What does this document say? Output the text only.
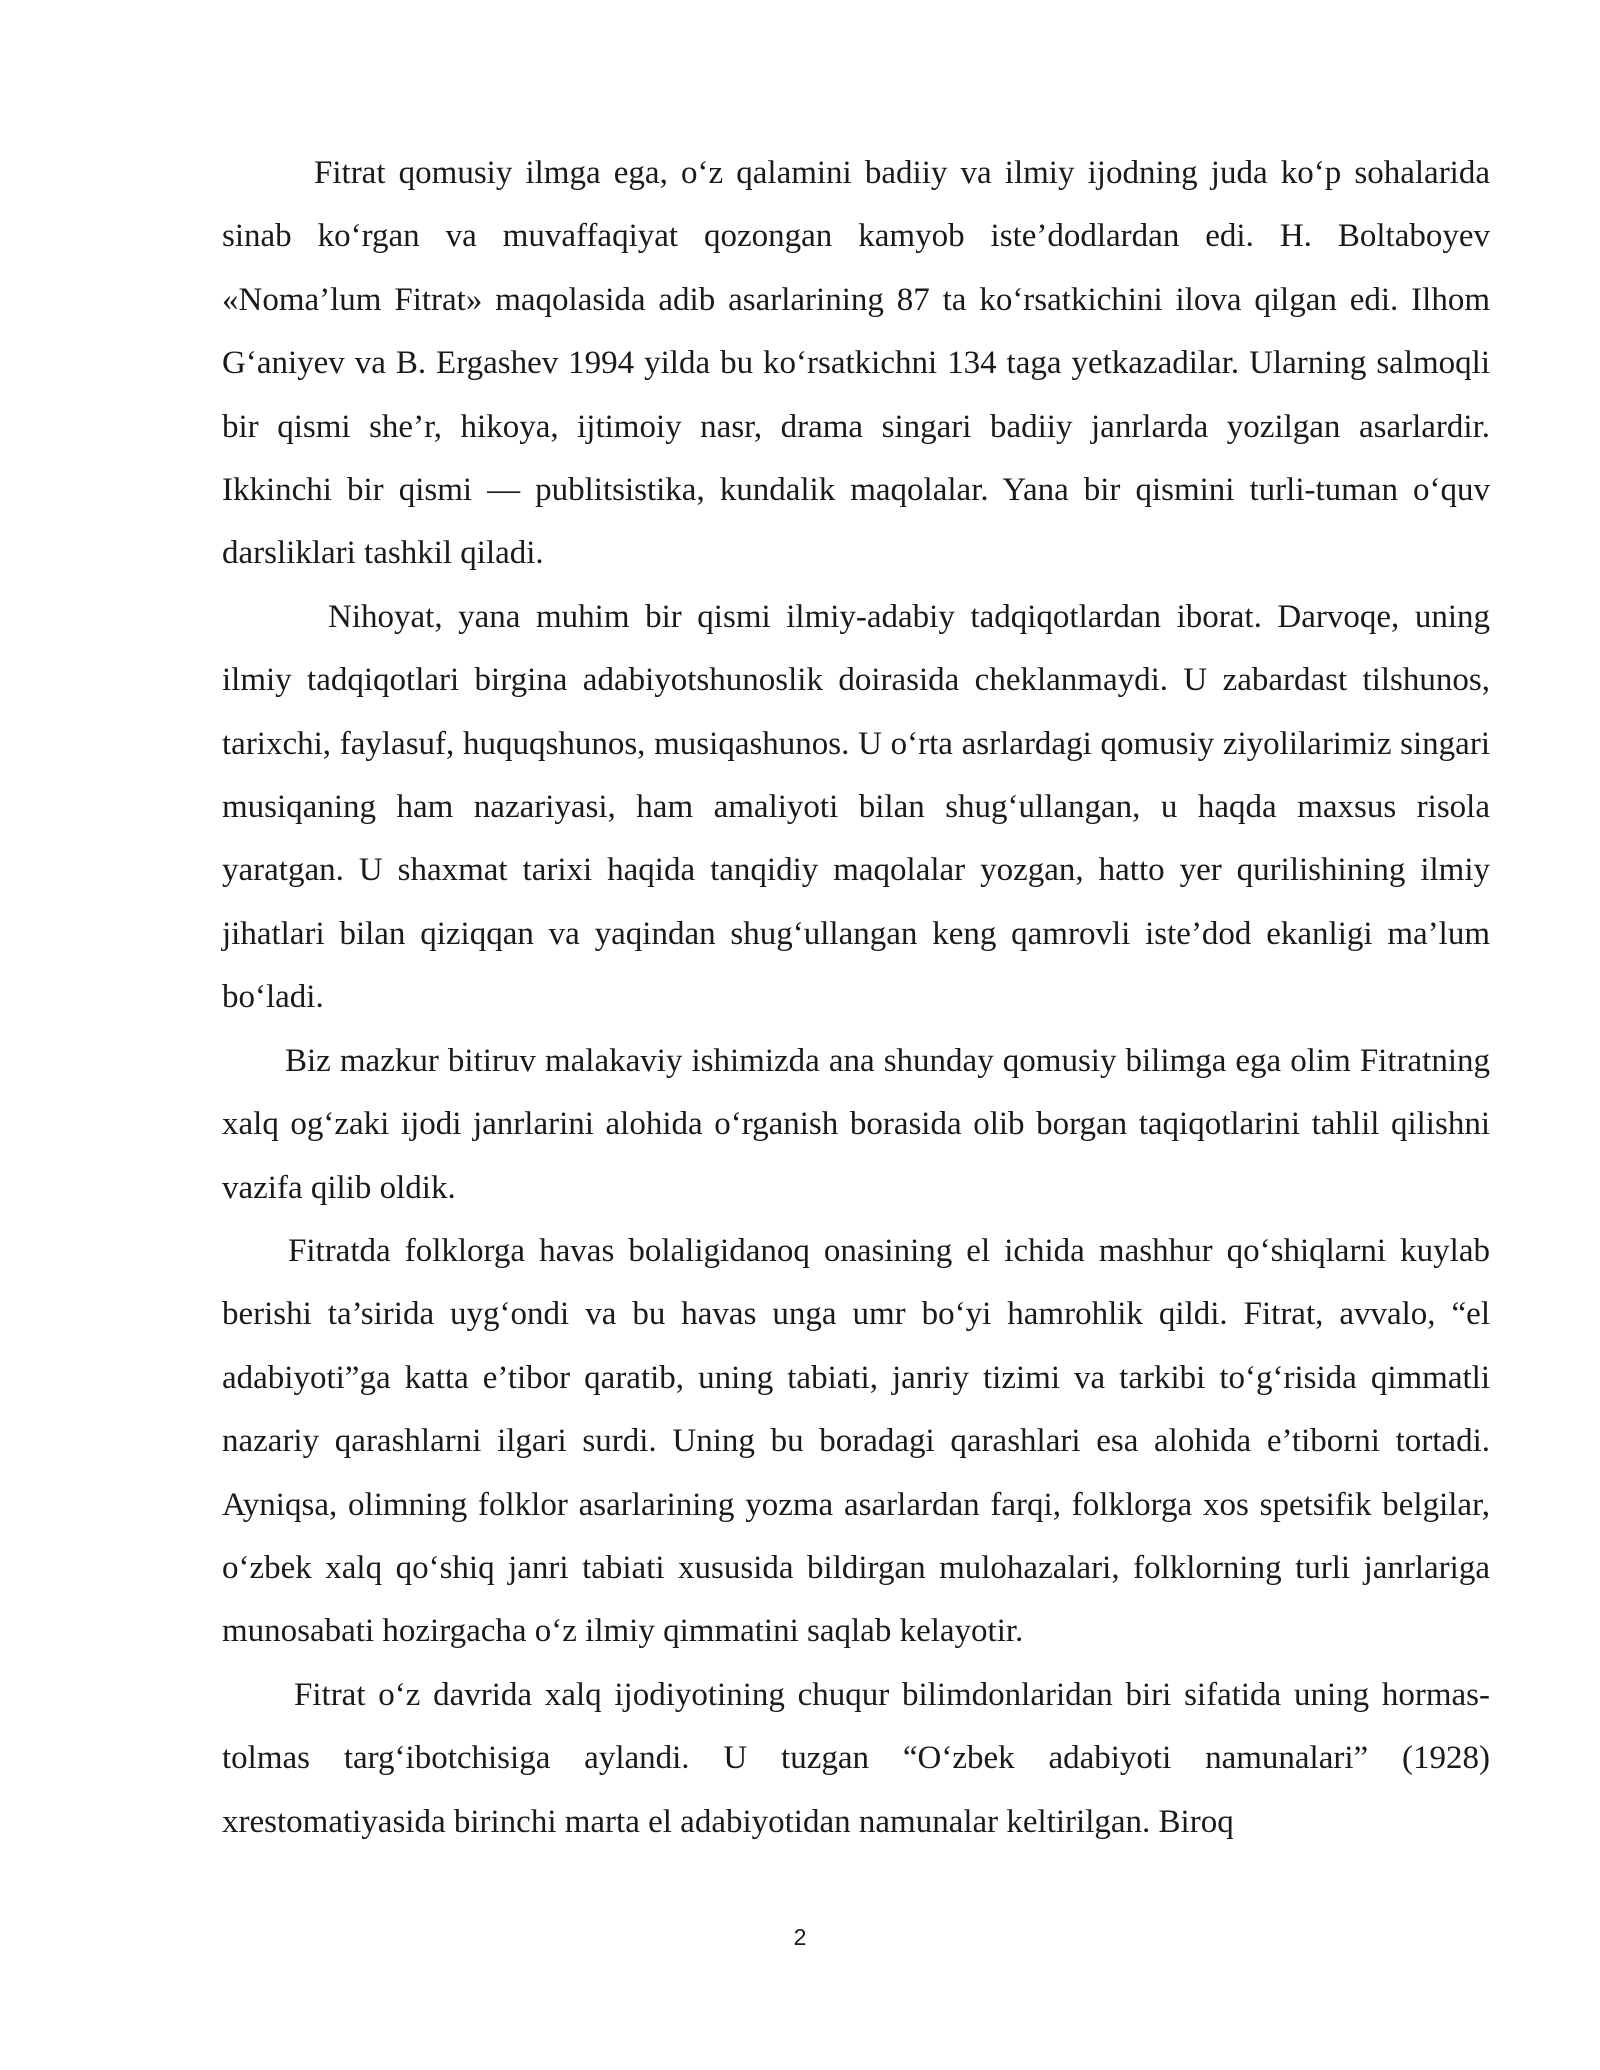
Fitrat qomusiy ilmga ega, o‘z qalamini badiiy va ilmiy ijodning juda ko‘p sohalarida sinab ko‘rgan va muvaffaqiyat qozongan kamyob iste’dodlardan edi. H. Boltaboyev «Noma’lum Fitrat» maqolasida adib asarlarining 87 ta ko‘rsatkichini ilova qilgan edi. Ilhom G‘aniyev va B. Ergashev 1994 yilda bu ko‘rsatkichni 134 taga yetkazadilar. Ularning salmoqli bir qismi she’r, hikoya, ijtimoiy nasr, drama singari badiiy janrlarda yozilgan asarlardir. Ikkinchi bir qismi — publitsistika, kundalik maqolalar. Yana bir qismini turli-tuman o‘quv darsliklari tashkil qiladi.

Nihoyat, yana muhim bir qismi ilmiy-adabiy tadqiqotlardan iborat. Darvoqe, uning ilmiy tadqiqotlari birgina adabiyotshunoslik doirasida cheklanmaydi. U zabardast tilshunos, tarixchi, faylasuf, huquqshunos, musiqashunos. U o‘rta asrlardagi qomusiy ziyolilarimiz singari musiqaning ham nazariyasi, ham amaliyoti bilan shug‘ullangan, u haqda maxsus risola yaratgan. U shaxmat tarixi haqida tanqidiy maqolalar yozgan, hatto yer qurilishining ilmiy jihatlari bilan qiziqqan va yaqindan shug‘ullangan keng qamrovli iste’dod ekanligi ma’lum bo‘ladi.

Biz mazkur bitiruv malakaviy ishimizda ana shunday qomusiy bilimga ega olim Fitratning xalq og‘zaki ijodi janrlarini alohida o‘rganish borasida olib borgan taqiqotlarini tahlil qilishni vazifa qilib oldik.

Fitratda folklorga havas bolaligidanoq onasining el ichida mashhur qo‘shiqlarni kuylab berishi ta’sirida uyg‘ondi va bu havas unga umr bo‘yi hamrohlik qildi. Fitrat, avvalo, “el adabiyoti”ga katta e’tibor qaratib, uning tabiati, janriy tizimi va tarkibi to‘g‘risida qimmatli nazariy qarashlarni ilgari surdi. Uning bu boradagi qarashlari esa alohida e’tiborni tortadi. Ayniqsa, olimning folklor asarlarining yozma asarlardan farqi, folklorga xos spetsifik belgilar, o‘zbek xalq qo‘shiq janri tabiati xususida bildirgan mulohazalari, folklorning turli janrlariga munosabati hozirgacha o‘z ilmiy qimmatini saqlab kelayotir.

Fitrat o‘z davrida xalq ijodiyotining chuqur bilimdonlaridan biri sifatida uning hormas-tolmas targ‘ibotchisiga aylandi. U tuzgan “O‘zbek adabiyoti namunalari” (1928) xrestomatiyasida birinchi marta el adabiyotidan namunalar keltirilgan. Biroq

2
